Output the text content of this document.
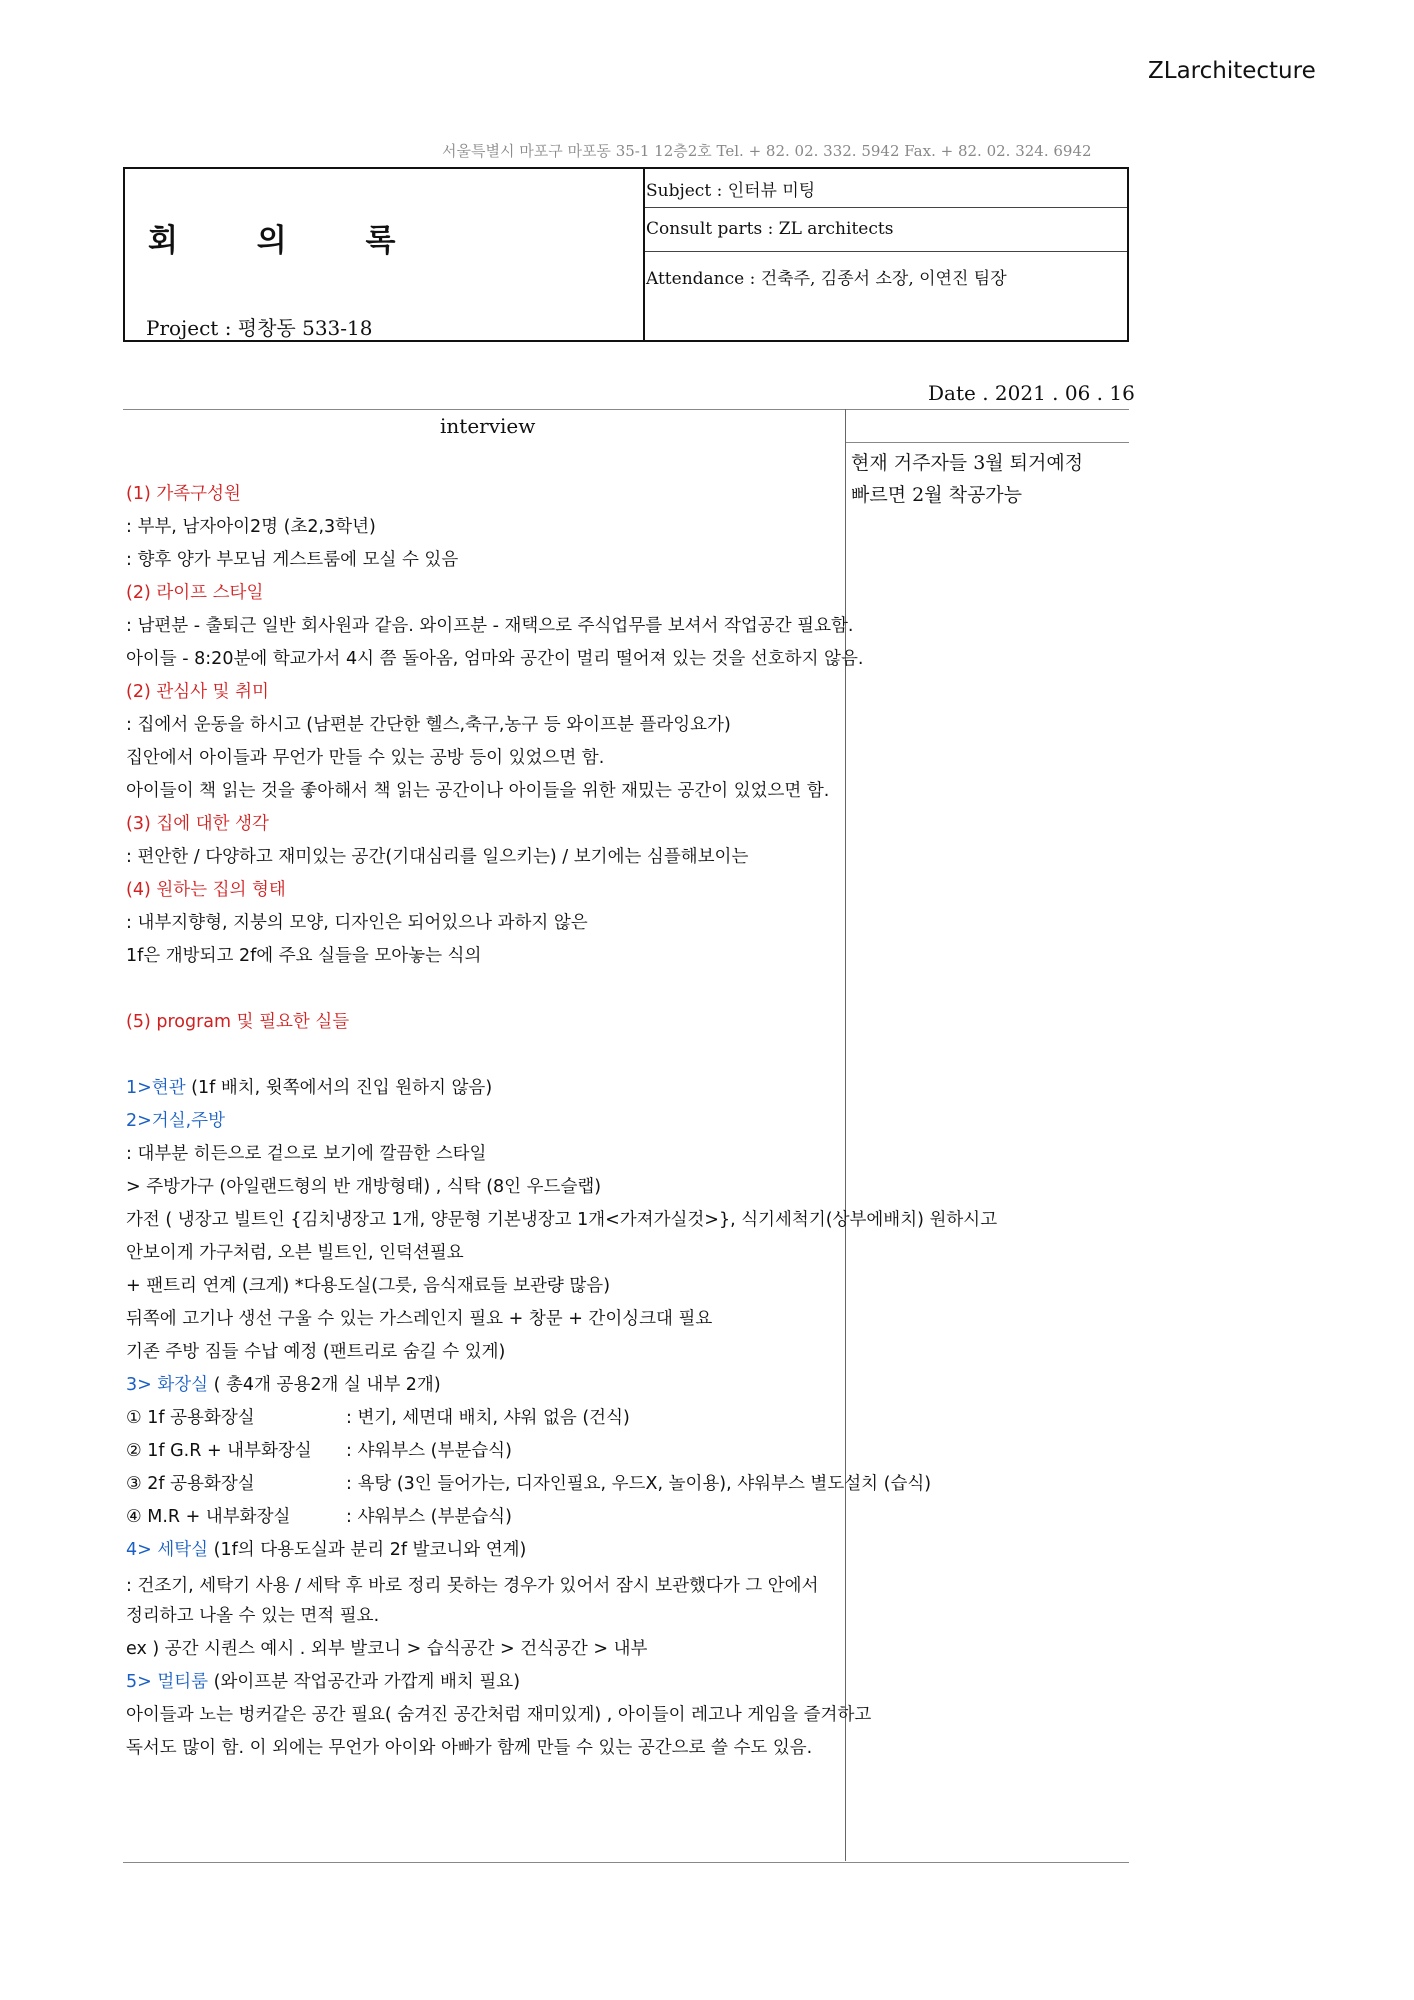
ZLarchitecture
서울특별시 마포구 마포동 35-1 12층2호 Tel. + 82. 02. 332. 5942 Fax. + 82. 02. 324. 6942
회 의 록
Project : 평창동 533-18
Subject : 인터뷰 미팅
Consult parts : ZL architects
Attendance : 건축주, 김종서 소장, 이연진 팀장
Date . 2021 . 06 . 16
interview
현재 거주자들 3월 퇴거예정
빠르면 2월 착공가능
(1) 가족구성원
: 부부, 남자아이2명 (초2,3학년)
: 향후 양가 부모님 게스트룸에 모실 수 있음
(2) 라이프 스타일
: 남편분 - 출퇴근 일반 회사원과 같음. 와이프분 - 재택으로 주식업무를 보셔서 작업공간 필요함.
아이들 - 8:20분에 학교가서 4시 쯤 돌아옴, 엄마와 공간이 멀리 떨어져 있는 것을 선호하지 않음.
(2) 관심사 및 취미
: 집에서 운동을 하시고 (남편분 간단한 헬스,축구,농구 등 와이프분 플라잉요가)
집안에서 아이들과 무언가 만들 수 있는 공방 등이 있었으면 함.
아이들이 책 읽는 것을 좋아해서 책 읽는 공간이나 아이들을 위한 재밌는 공간이 있었으면 함.
(3) 집에 대한 생각
: 편안한 / 다양하고 재미있는 공간(기대심리를 일으키는) / 보기에는 심플해보이는
(4) 원하는 집의 형태
: 내부지향형, 지붕의 모양, 디자인은 되어있으나 과하지 않은
1f은 개방되고 2f에 주요 실들을 모아놓는 식의
(5) program 및 필요한 실들
1>현관 (1f 배치, 윗쪽에서의 진입 원하지 않음)
2>거실,주방
: 대부분 히든으로 겉으로 보기에 깔끔한 스타일
> 주방가구 (아일랜드형의 반 개방형태) , 식탁 (8인 우드슬랩)
가전 ( 냉장고 빌트인 {김치냉장고 1개, 양문형 기본냉장고 1개<가져가실것>}, 식기세척기(상부에배치) 원하시고
안보이게 가구처럼, 오븐 빌트인, 인덕션필요
+ 팬트리 연계 (크게) *다용도실(그릇, 음식재료들 보관량 많음)
뒤쪽에 고기나 생선 구울 수 있는 가스레인지 필요 + 창문 + 간이싱크대 필요
기존 주방 짐들 수납 예정 (팬트리로 숨길 수 있게)
3> 화장실 ( 총4개 공용2개 실 내부 2개)
① 1f 공용화장실	: 변기, 세면대 배치, 샤워 없음 (건식)
② 1f G.R + 내부화장실 : 샤워부스 (부분습식)
③ 2f 공용화장실	: 욕탕 (3인 들어가는, 디자인필요, 우드X, 놀이용), 샤워부스 별도설치 (습식)
④ M.R + 내부화장실	: 샤워부스 (부분습식)
4> 세탁실 (1f의 다용도실과 분리 2f 발코니와 연계)
: 건조기, 세탁기 사용 / 세탁 후 바로 정리 못하는 경우가 있어서 잠시 보관했다가 그 안에서
정리하고 나올 수 있는 면적 필요.
ex ) 공간 시퀀스 예시 . 외부 발코니 > 습식공간 > 건식공간 > 내부
5> 멀티룸 (와이프분 작업공간과 가깝게 배치 필요)
아이들과 노는 벙커같은 공간 필요( 숨겨진 공간처럼 재미있게) , 아이들이 레고나 게임을 즐겨하고
독서도 많이 함. 이 외에는 무언가 아이와 아빠가 함께 만들 수 있는 공간으로 쓸 수도 있음.
